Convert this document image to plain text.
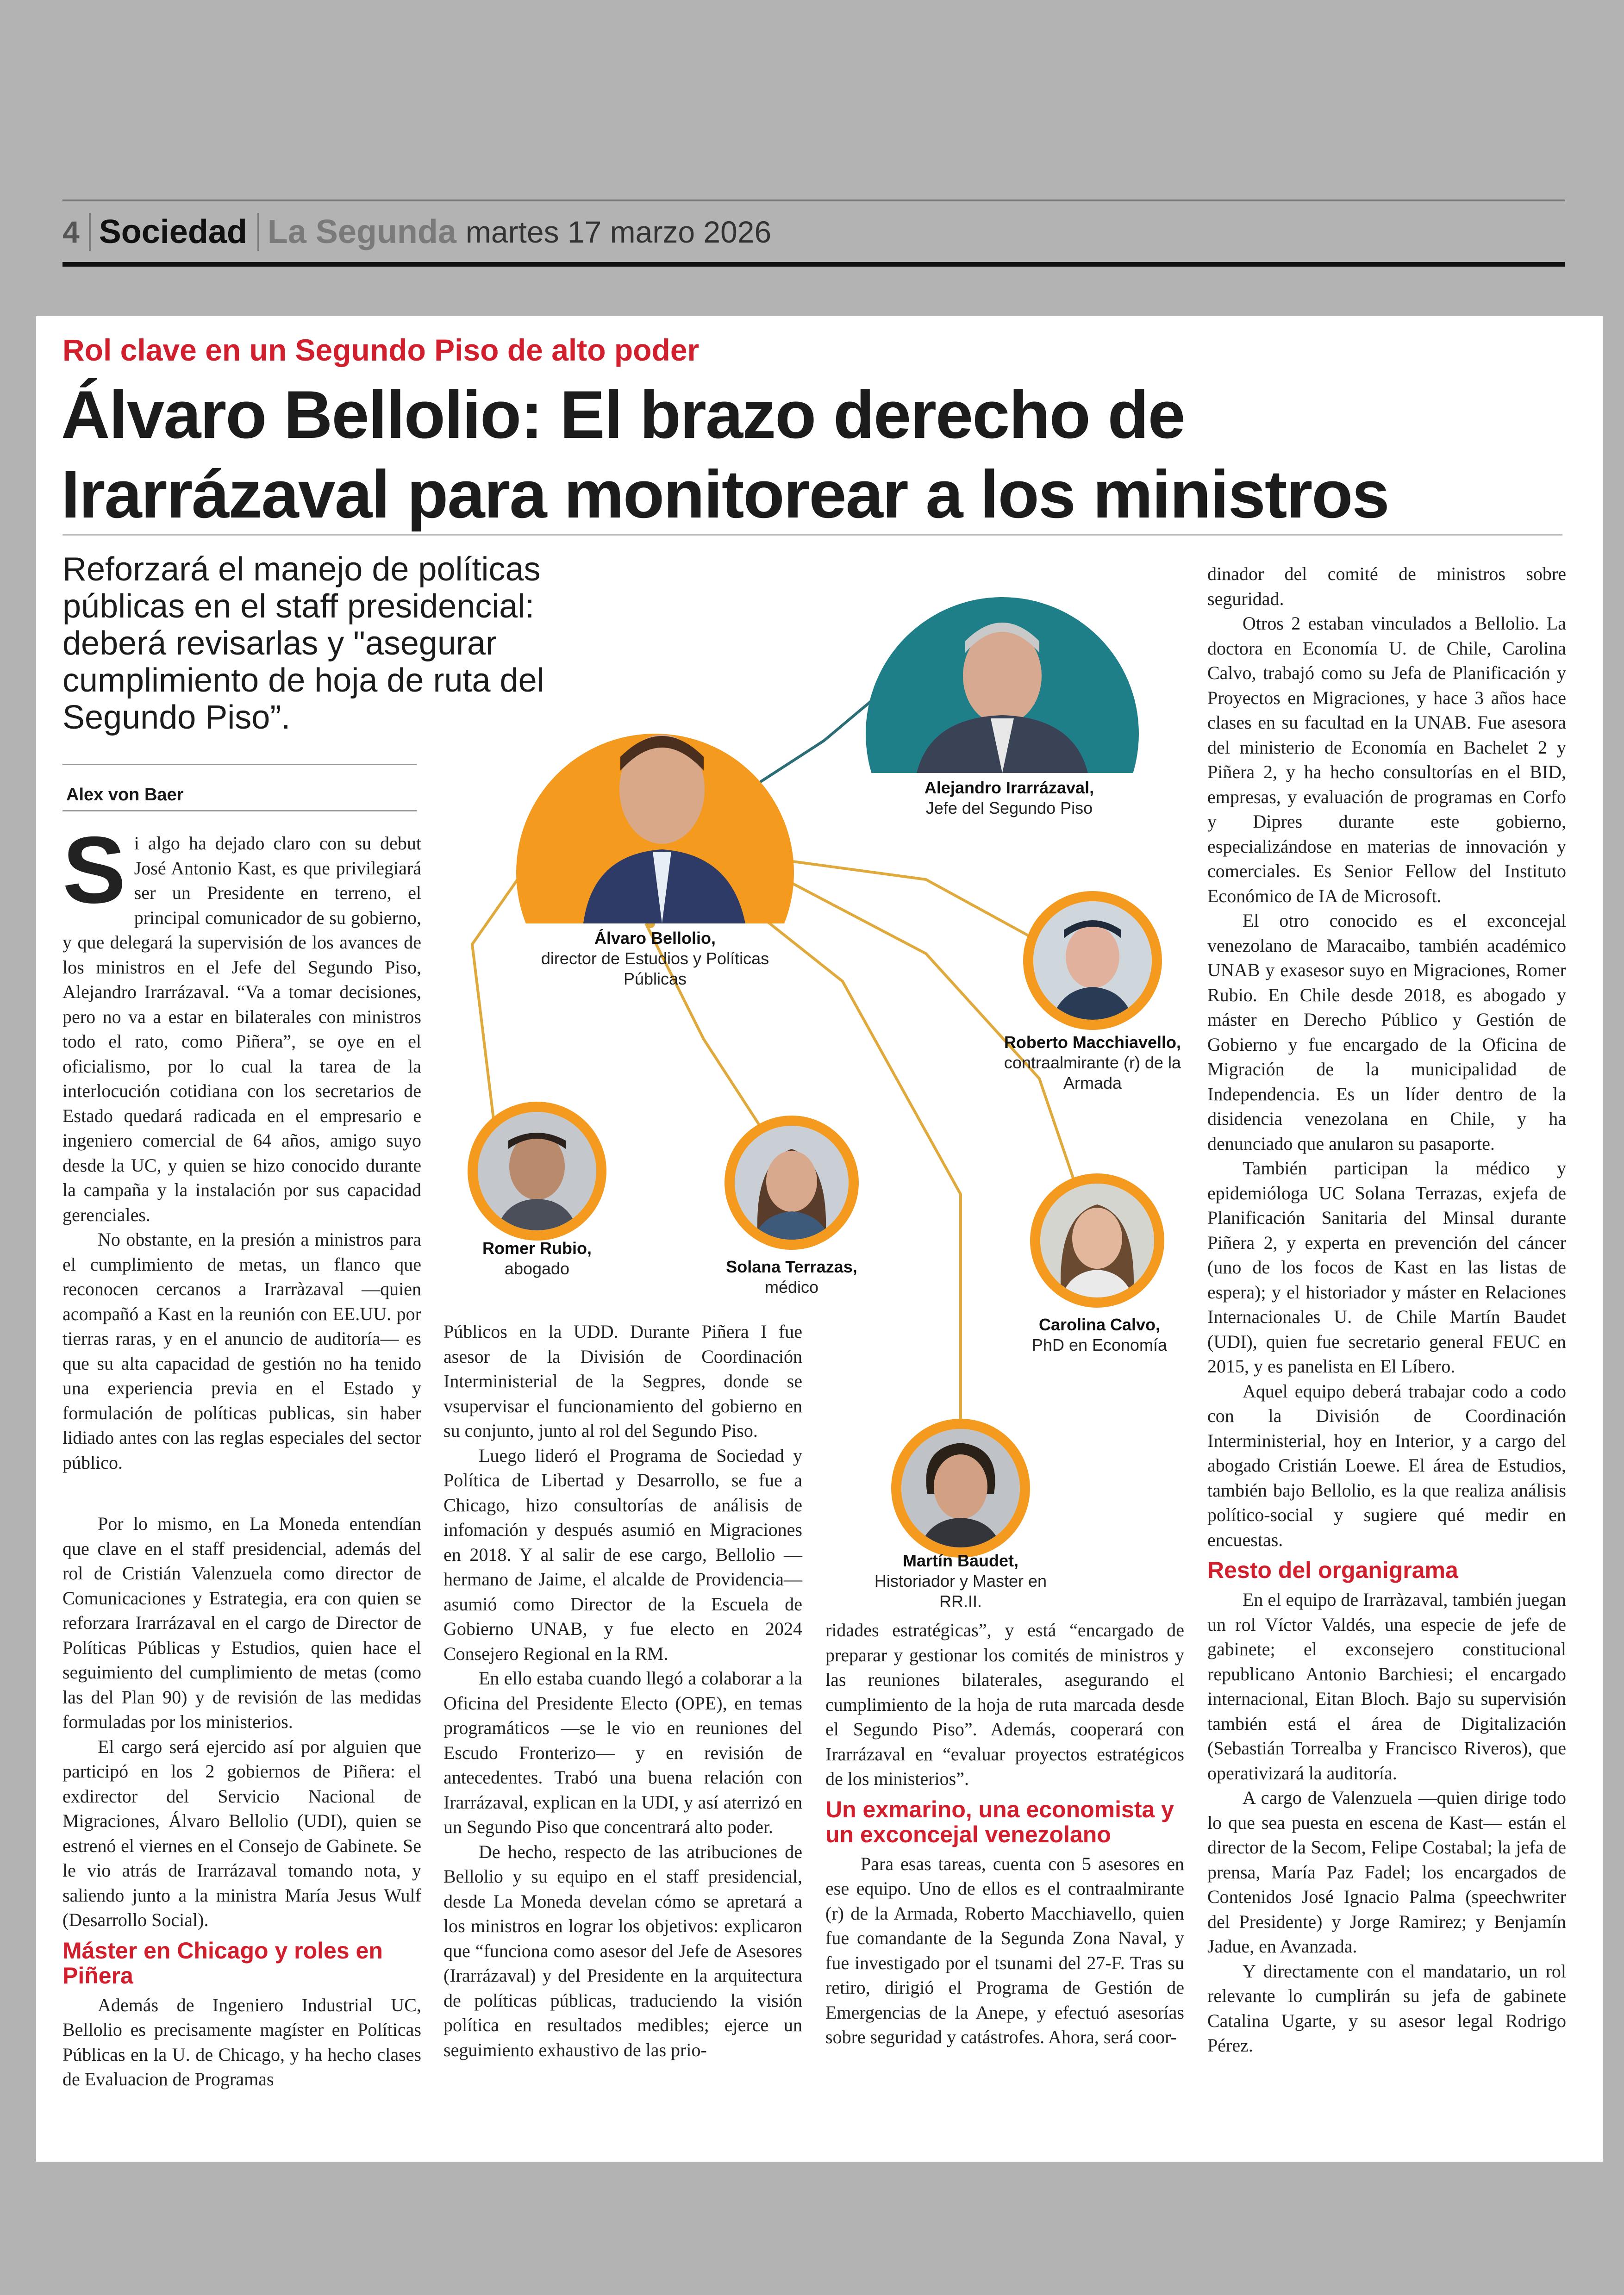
4 Sociedad La Segunda martes 17 marzo 2026
Rol clave en un Segundo Piso de alto poder
Álvaro Bellolio: El brazo derecho de
Irarrázaval para monitorear a los ministros
Reforzará el manejo de políticas públicas en el staff presidencial: deberá revisarlas y "asegurar cumplimiento de hoja de ruta del Segundo Piso”.
Alex von Baer	Alejandro Irarrázaval,
Jefe del Segundo Piso
Álvaro Bellolio,
director de Estudios y Políticas Públicas
Roberto Macchiavello,
contraalmirante (r) de la Armada
Romer Rubio,
abogado	Solana Terrazas,
médico
Carolina Calvo,
PhD en Economía
Martín Baudet,
Historiador y Master en RR.II.

Si algo ha dejado claro con su debut José Antonio Kast, es que privilegiará ser un Presidente en terreno, el principal comunicador de su gobierno, y que delegará la supervisión de los avances de los ministros en el Jefe del Segundo Piso, Alejandro Irarrázaval. “Va a tomar decisiones, pero no va a estar en bilaterales con ministros todo el rato, como Piñera”, se oye en el oficialismo, por lo cual la tarea de la interlocución cotidiana con los secretarios de Estado quedará radicada en el empresario e ingeniero comercial de 64 años, amigo suyo desde la UC, y quien se hizo conocido durante la campaña y la instalación por sus capacidad gerenciales.

No obstante, en la presión a ministros para el cumplimiento de metas, un flanco que reconocen cercanos a Irarràzaval —quien acompañó a Kast en la reunión con EE.UU. por tierras raras, y en el anuncio de auditoría— es que su alta capacidad de gestión no ha tenido una experiencia previa en el Estado y formulación de políticas publicas, sin haber lidiado antes con las reglas especiales del sector público.

Por lo mismo, en La Moneda entendían que clave en el staff presidencial, además del rol de Cristián Valenzuela como director de Comunicaciones y Estrategia, era con quien se reforzara Irarrázaval en el cargo de Director de Políticas Públicas y Estudios, quien hace el seguimiento del cumplimiento de metas (como las del Plan 90) y de revisión de las medidas formuladas por los ministerios.

El cargo será ejercido así por alguien que participó en los 2 gobiernos de Piñera: el exdirector del Servicio Nacional de Migraciones, Álvaro Bellolio (UDI), quien se estrenó el viernes en el Consejo de Gabinete. Se le vio atrás de Irarrázaval tomando nota, y saliendo junto a la ministra María Jesus Wulf (Desarrollo Social).

Máster en Chicago y roles en Piñera

Además de Ingeniero Industrial UC, Bellolio es precisamente magíster en Políticas Públicas en la U. de Chicago, y ha hecho clases de Evaluacion de Programas

Públicos en la UDD. Durante Piñera I fue asesor de la División de Coordinación Interministerial de la Segpres, donde se vsupervisar el funcionamiento del gobierno en su conjunto, junto al rol del Segundo Piso.

Luego lideró el Programa de Sociedad y Política de Libertad y Desarrollo, se fue a Chicago, hizo consultorías de análisis de infomación y después asumió en Migraciones en 2018. Y al salir de ese cargo, Bellolio —hermano de Jaime, el alcalde de Providencia— asumió como Director de la Escuela de Gobierno UNAB, y fue electo en 2024 Consejero Regional en la RM.

En ello estaba cuando llegó a colaborar a la Oficina del Presidente Electo (OPE), en temas programáticos —se le vio en reuniones del Escudo Fronterizo— y en revisión de antecedentes. Trabó una buena relación con Irarrázaval, explican en la UDI, y así aterrizó en un Segundo Piso que concentrará alto poder.

De hecho, respecto de las atribuciones de Bellolio y su equipo en el staff presidencial, desde La Moneda develan cómo se apretará a los ministros en lograr los objetivos: explicaron que “funciona como asesor del Jefe de Asesores (Irarrázaval) y del Presidente en la arquitectura de políticas públicas, traduciendo la visión política en resultados medibles; ejerce un seguimiento exhaustivo de las prio-

ridades estratégicas”, y está “encargado de preparar y gestionar los comités de ministros y las reuniones bilaterales, asegurando el cumplimiento de la hoja de ruta marcada desde el Segundo Piso”. Además, cooperará con Irarrázaval en “evaluar proyectos estratégicos de los ministerios”.

Un exmarino, una economista y un exconcejal venezolano

Para esas tareas, cuenta con 5 asesores en ese equipo. Uno de ellos es el contraalmirante (r) de la Armada, Roberto Macchiavello, quien fue comandante de la Segunda Zona Naval, y fue investigado por el tsunami del 27-F. Tras su retiro, dirigió el Programa de Gestión de Emergencias de la Anepe, y efectuó asesorías sobre seguridad y catástrofes. Ahora, será coor-

dinador del comité de ministros sobre seguridad.

Otros 2 estaban vinculados a Bellolio. La doctora en Economía U. de Chile, Carolina Calvo, trabajó como su Jefa de Planificación y Proyectos en Migraciones, y hace 3 años hace clases en su facultad en la UNAB. Fue asesora del ministerio de Economía en Bachelet 2 y Piñera 2, y ha hecho consultorías en el BID, empresas, y evaluación de programas en Corfo y Dipres durante este gobierno, especializándose en materias de innovación y comerciales. Es Senior Fellow del Instituto Económico de IA de Microsoft.

El otro conocido es el exconcejal venezolano de Maracaibo, también académico UNAB y exasesor suyo en Migraciones, Romer Rubio. En Chile desde 2018, es abogado y máster en Derecho Público y Gestión de Gobierno y fue encargado de la Oficina de Migración de la municipalidad de Independencia. Es un líder dentro de la disidencia venezolana en Chile, y ha denunciado que anularon su pasaporte.

También participan la médico y epidemióloga UC Solana Terrazas, exjefa de Planificación Sanitaria del Minsal durante Piñera 2, y experta en prevención del cáncer (uno de los focos de Kast en las listas de espera); y el historiador y máster en Relaciones Internacionales U. de Chile Martín Baudet (UDI), quien fue secretario general FEUC en 2015, y es panelista en El Líbero.

Aquel equipo deberá trabajar codo a codo con la División de Coordinación Interministerial, hoy en Interior, y a cargo del abogado Cristián Loewe. El área de Estudios, también bajo Bellolio, es la que realiza análisis político-social y sugiere qué medir en encuestas.

Resto del organigrama

En el equipo de Irarràzaval, también juegan un rol Víctor Valdés, una especie de jefe de gabinete; el exconsejero constitucional republicano Antonio Barchiesi; el encargado internacional, Eitan Bloch. Bajo su supervisión también está el área de Digitalización (Sebastián Torrealba y Francisco Riveros), que operativizará la auditoría.

A cargo de Valenzuela —quien dirige todo lo que sea puesta en escena de Kast— están el director de la Secom, Felipe Costabal; la jefa de prensa, María Paz Fadel; los encargados de Contenidos José Ignacio Palma (speechwriter del Presidente) y Jorge Ramirez; y Benjamín Jadue, en Avanzada.

Y directamente con el mandatario, un rol relevante lo cumplirán su jefa de gabinete Catalina Ugarte, y su asesor legal Rodrigo Pérez.
